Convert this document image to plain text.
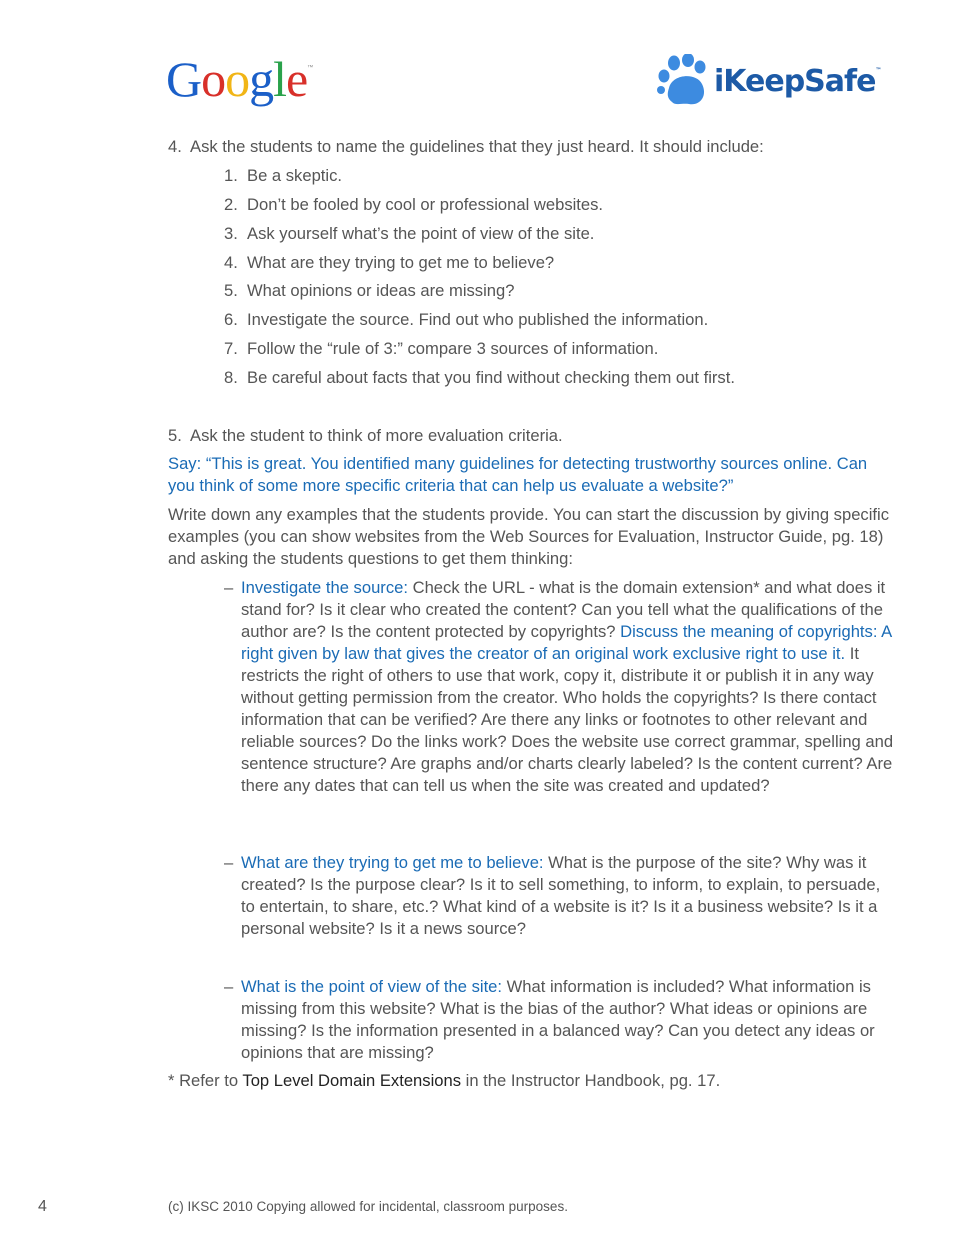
Google™	iKeepSafe™
4. Ask the students to name the guidelines that they just heard. It should include:
1. Be a skeptic.
2. Don’t be fooled by cool or professional websites.
3. Ask yourself what’s the point of view of the site.
4. What are they trying to get me to believe?
5. What opinions or ideas are missing?
6. Investigate the source. Find out who published the information.
7. Follow the “rule of 3:” compare 3 sources of information.
8. Be careful about facts that you find without checking them out first.
5. Ask the student to think of more evaluation criteria.
Say: “This is great. You identified many guidelines for detecting trustworthy sources online. Can you think of some more specific criteria that can help us evaluate a website?”
Write down any examples that the students provide. You can start the discussion by giving specific examples (you can show websites from the Web Sources for Evaluation, Instructor Guide, pg. 18) and asking the students questions to get them thinking:
– Investigate the source: Check the URL - what is the domain extension* and what does it stand for? Is it clear who created the content? Can you tell what the qualifications of the author are? Is the content protected by copyrights? Discuss the meaning of copyrights: A right given by law that gives the creator of an original work exclusive right to use it. It restricts the right of others to use that work, copy it, distribute it or publish it in any way without getting permission from the creator. Who holds the copyrights? Is there contact information that can be verified? Are there any links or footnotes to other relevant and reliable sources? Do the links work? Does the website use correct grammar, spelling and sentence structure? Are graphs and/or charts clearly labeled? Is the content current? Are there any dates that can tell us when the site was created and updated?
– What are they trying to get me to believe: What is the purpose of the site? Why was it created? Is the purpose clear? Is it to sell something, to inform, to explain, to persuade, to entertain, to share, etc.? What kind of a website is it? Is it a business website? Is it a personal website? Is it a news source?
– What is the point of view of the site: What information is included? What information is missing from this website? What is the bias of the author? What ideas or opinions are missing? Is the information presented in a balanced way? Can you detect any ideas or opinions that are missing?
* Refer to Top Level Domain Extensions in the Instructor Handbook, pg. 17.
4	(c) IKSC 2010 Copying allowed for incidental, classroom purposes.
